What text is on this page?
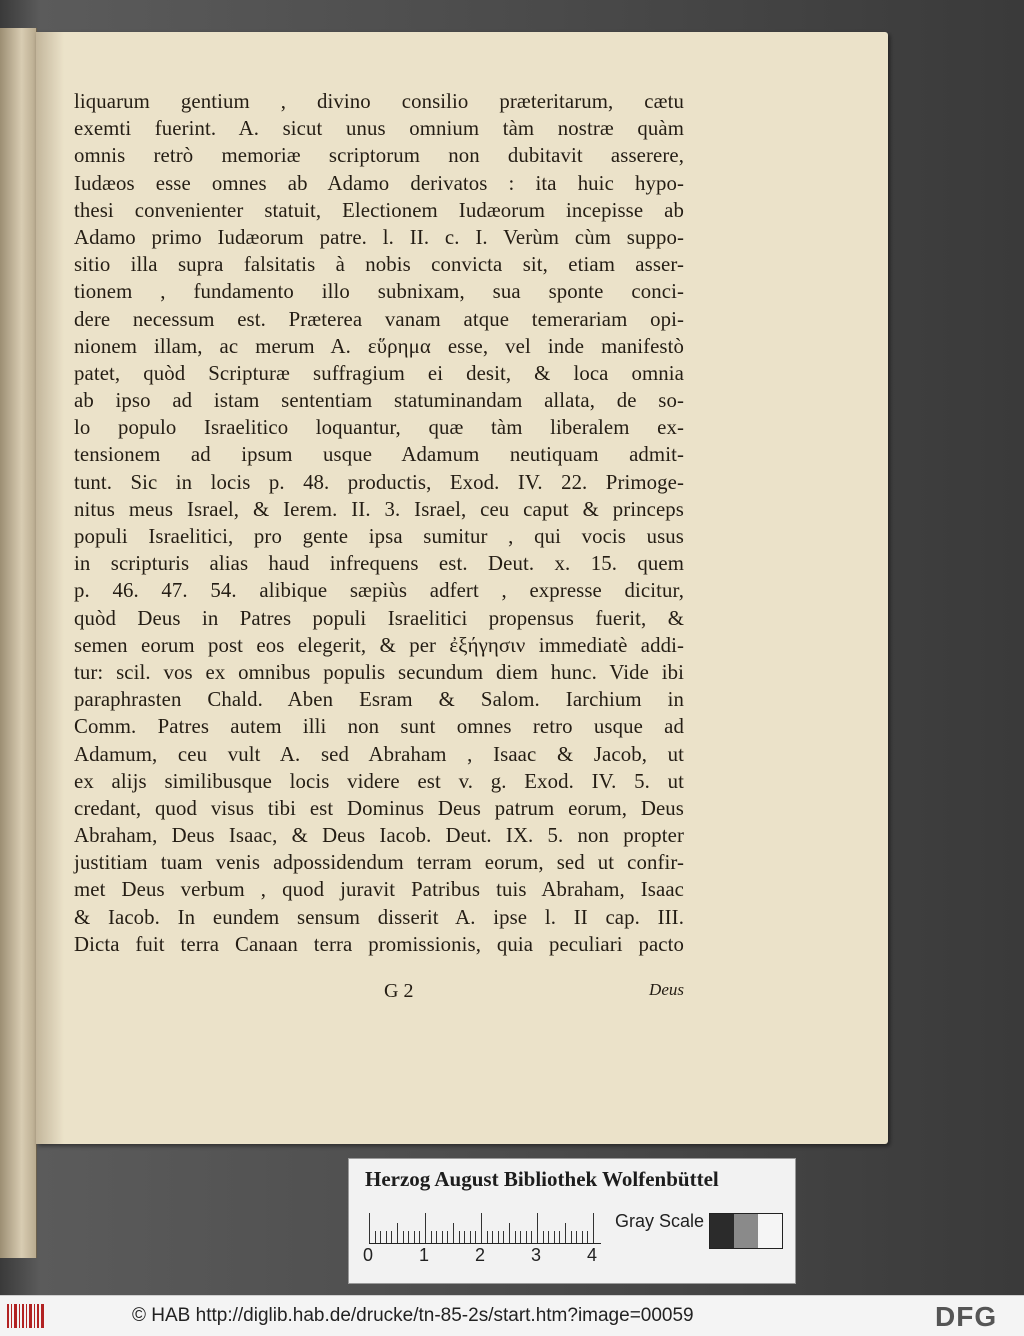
liquarum gentium , divino consilio præteritarum, cætu
exemti fuerint. A. sicut unus omnium tàm nostræ quàm
omnis retrò memoriæ scriptorum non dubitavit asserere,
Iudæos esse omnes ab Adamo derivatos : ita huic hypo-
thesi convenienter statuit, Electionem Iudæorum incepisse ab
Adamo primo Iudæorum patre. l. II. c. I. Verùm cùm suppo-
sitio illa supra falsitatis à nobis convicta sit, etiam asser-
tionem , fundamento illo subnixam, sua sponte conci-
dere necessum est. Præterea vanam atque temerariam opi-
nionem illam, ac merum A. εὕρημα esse, vel inde manifestò
patet, quòd Scripturæ suffragium ei desit, & loca omnia
ab ipso ad istam sententiam statuminandam allata, de so-
lo populo Israelitico loquantur, quæ tàm liberalem ex-
tensionem ad ipsum usque Adamum neutiquam admit-
tunt. Sic in locis p. 48. productis, Exod. IV. 22. Primoge-
nitus meus Israel, & Ierem. II. 3. Israel, ceu caput & princeps
populi Israelitici, pro gente ipsa sumitur , qui vocis usus
in scripturis alias haud infrequens est. Deut. x. 15. quem
p. 46. 47. 54. alibique sæpiùs adfert , expresse dicitur,
quòd Deus in Patres populi Israelitici propensus fuerit, &
semen eorum post eos elegerit, & per ἐξήγησιν immediatè addi-
tur: scil. vos ex omnibus populis secundum diem hunc. Vide ibi
paraphrasten Chald. Aben Esram & Salom. Iarchium in
Comm. Patres autem illi non sunt omnes retro usque ad
Adamum, ceu vult A. sed Abraham , Isaac & Jacob, ut
ex alijs similibusque locis videre est v. g. Exod. IV. 5. ut
credant, quod visus tibi est Dominus Deus patrum eorum, Deus
Abraham, Deus Isaac, & Deus Iacob. Deut. IX. 5. non propter
justitiam tuam venis adpossidendum terram eorum, sed ut confir-
met Deus verbum , quod juravit Patribus tuis Abraham, Isaac
& Iacob. In eundem sensum disserit A. ipse l. II cap. III.
Dicta fuit terra Canaan terra promissionis, quia peculiari pacto
G 2	Deus
Herzog August Bibliothek Wolfenbüttel
0	1	2	3	4
Gray Scale
© HAB http://diglib.hab.de/drucke/tn-85-2s/start.htm?image=00059	DFG
